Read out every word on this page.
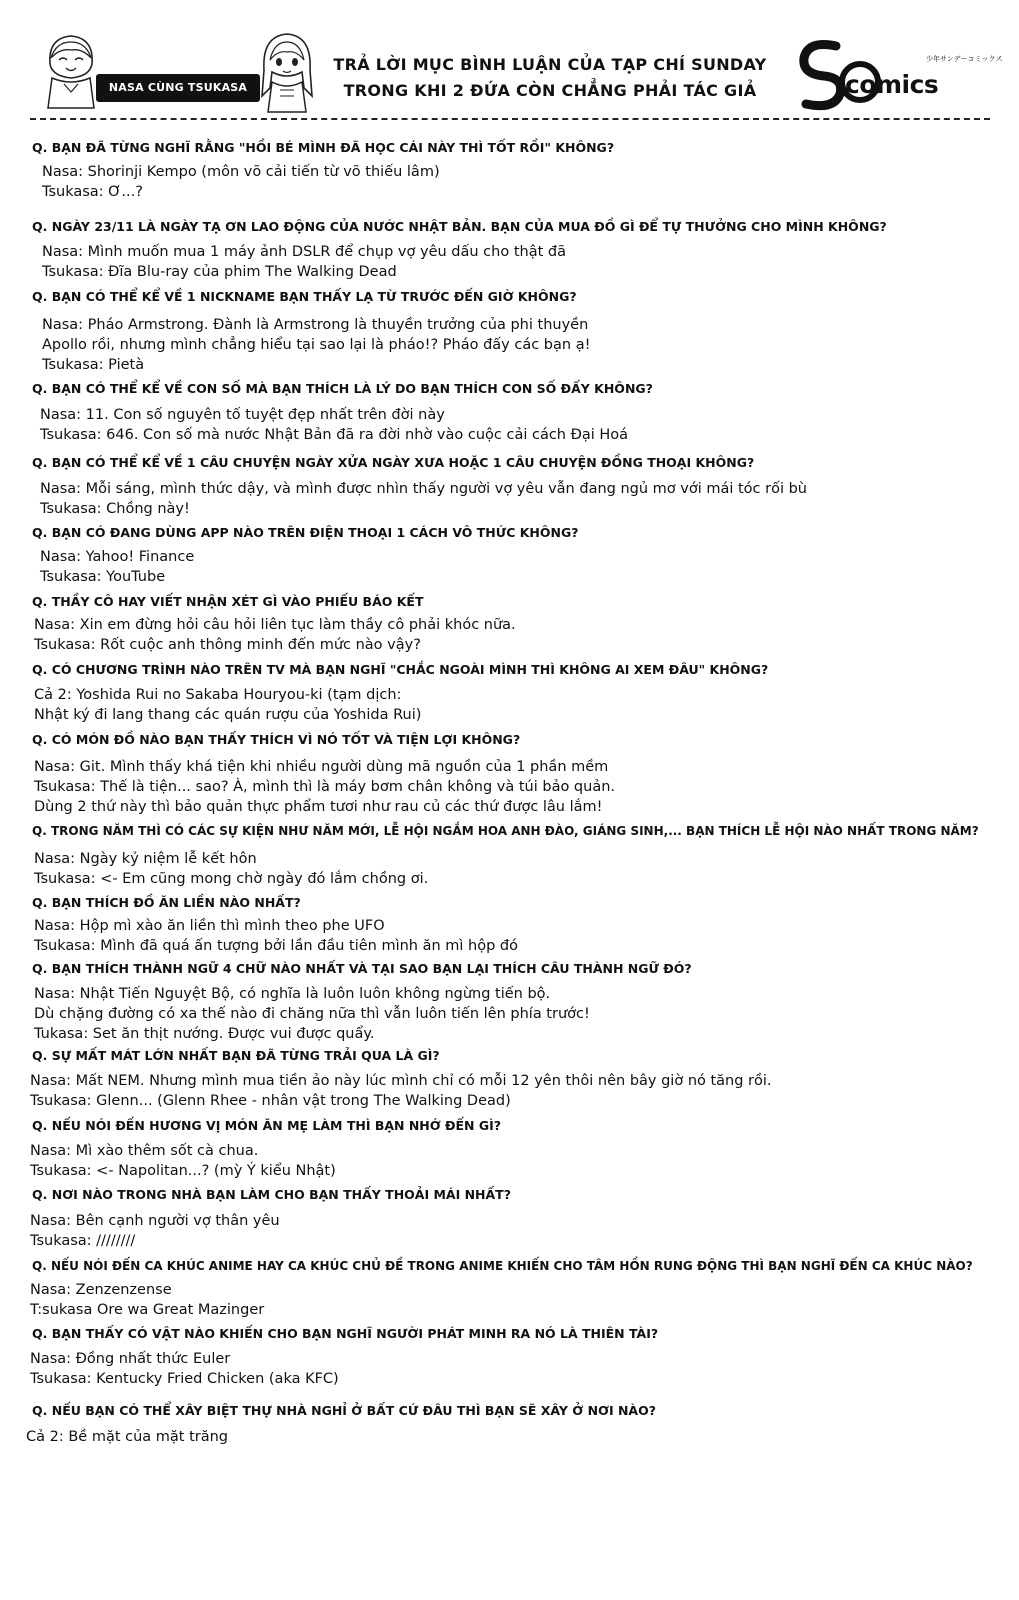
NASA CÙNG TSUKASA
TRẢ LỜI MỤC BÌNH LUẬN CỦA TẠP CHÍ SUNDAY
TRONG KHI 2 ĐỨA CÒN CHẲNG PHẢI TÁC GIẢ	comics
少年サンデーコミックス
Q. BẠN ĐÃ TỪNG NGHĨ RẰNG "HỒI BÉ MÌNH ĐÃ HỌC CÁI NÀY THÌ TỐT RỒI" KHÔNG?
Nasa: Shorinji Kempo (môn võ cải tiến từ võ thiếu lâm)
Tsukasa: Ơ...?
Q. NGÀY 23/11 LÀ NGÀY TẠ ƠN LAO ĐỘNG CỦA NƯỚC NHẬT BẢN. BẠN CỦA MUA ĐỒ GÌ ĐỂ TỰ THƯỞNG CHO MÌNH KHÔNG?
Nasa: Mình muốn mua 1 máy ảnh DSLR để chụp vợ yêu dấu cho thật đã
Tsukasa: Đĩa Blu-ray của phim The Walking Dead
Q. BẠN CÓ THỂ KỂ VỀ 1 NICKNAME BẠN THẤY LẠ TỪ TRƯỚC ĐẾN GIỜ KHÔNG?
Nasa: Pháo Armstrong. Đành là Armstrong là thuyền trưởng của phi thuyền
Apollo rồi, nhưng mình chẳng hiểu tại sao lại là pháo!? Pháo đấy các bạn ạ!
Tsukasa: Pietà
Q. BẠN CÓ THỂ KỂ VỀ CON SỐ MÀ BẠN THÍCH LÀ LÝ DO BẠN THÍCH CON SỐ ĐẤY KHÔNG?
Nasa: 11. Con số nguyên tố tuyệt đẹp nhất trên đời này
Tsukasa: 646. Con số mà nước Nhật Bản đã ra đời nhờ vào cuộc cải cách Đại Hoá
Q. BẠN CÓ THỂ KỂ VỀ 1 CÂU CHUYỆN NGÀY XỬA NGÀY XƯA HOẶC 1 CÂU CHUYỆN ĐỒNG THOẠI KHÔNG?
Nasa: Mỗi sáng, mình thức dậy, và mình được nhìn thấy người vợ yêu vẫn đang ngủ mơ với mái tóc rối bù
Tsukasa: Chồng này!
Q. BẠN CÓ ĐANG DÙNG APP NÀO TRÊN ĐIỆN THOẠI 1 CÁCH VÔ THỨC KHÔNG?
Nasa: Yahoo! Finance
Tsukasa: YouTube
Q. THẦY CÔ HAY VIẾT NHẬN XÉT GÌ VÀO PHIẾU BÁO KẾT
Nasa: Xin em đừng hỏi câu hỏi liên tục làm thầy cô phải khóc nữa.
Tsukasa: Rốt cuộc anh thông minh đến mức nào vậy?
Q. CÓ CHƯƠNG TRÌNH NÀO TRÊN TV MÀ BẠN NGHĨ "CHẮC NGOÀI MÌNH THÌ KHÔNG AI XEM ĐÂU" KHÔNG?
Cả 2: Yoshida Rui no Sakaba Houryou-ki (tạm dịch:
Nhật ký đi lang thang các quán rượu của Yoshida Rui)
Q. CÓ MÓN ĐỒ NÀO BẠN THẤY THÍCH VÌ NÓ TỐT VÀ TIỆN LỢI KHÔNG?
Nasa: Git. Mình thấy khá tiện khi nhiều người dùng mã nguồn của 1 phần mềm
Tsukasa: Thế là tiện... sao? À, mình thì là máy bơm chân không và túi bảo quản.
Dùng 2 thứ này thì bảo quản thực phẩm tươi như rau củ các thứ được lâu lắm!
Q. TRONG NĂM THÌ CÓ CÁC SỰ KIỆN NHƯ NĂM MỚI, LỄ HỘI NGẮM HOA ANH ĐÀO, GIÁNG SINH,... BẠN THÍCH LỄ HỘI NÀO NHẤT TRONG NĂM?
Nasa: Ngày kỷ niệm lễ kết hôn
Tsukasa: <- Em cũng mong chờ ngày đó lắm chồng ơi.
Q. BẠN THÍCH ĐỒ ĂN LIỀN NÀO NHẤT?
Nasa: Hộp mì xào ăn liền thì mình theo phe UFO
Tsukasa: Mình đã quá ấn tượng bởi lần đầu tiên mình ăn mì hộp đó
Q. BẠN THÍCH THÀNH NGỮ 4 CHỮ NÀO NHẤT VÀ TẠI SAO BẠN LẠI THÍCH CÂU THÀNH NGỮ ĐÓ?
Nasa: Nhật Tiến Nguyệt Bộ, có nghĩa là luôn luôn không ngừng tiến bộ.
Dù chặng đường có xa thế nào đi chăng nữa thì vẫn luôn tiến lên phía trước!
Tukasa: Set ăn thịt nướng. Được vui được quẩy.
Q. SỰ MẤT MÁT LỚN NHẤT BẠN ĐÃ TỪNG TRẢI QUA LÀ GÌ?
Nasa: Mất NEM. Nhưng mình mua tiền ảo này lúc mình chỉ có mỗi 12 yên thôi nên bây giờ nó tăng rồi.
Tsukasa: Glenn... (Glenn Rhee - nhân vật trong The Walking Dead)
Q. NẾU NÓI ĐẾN HƯƠNG VỊ MÓN ĂN MẸ LÀM THÌ BẠN NHỚ ĐẾN GÌ?
Nasa: Mì xào thêm sốt cà chua.
Tsukasa: <- Napolitan...? (mỳ Ý kiểu Nhật)
Q. NƠI NÀO TRONG NHÀ BẠN LÀM CHO BẠN THẤY THOẢI MÁI NHẤT?
Nasa: Bên cạnh người vợ thân yêu
Tsukasa: ////////
Q. NẾU NÓI ĐẾN CA KHÚC ANIME HAY CA KHÚC CHỦ ĐỀ TRONG ANIME KHIẾN CHO TÂM HỒN RUNG ĐỘNG THÌ BẠN NGHĨ ĐẾN CA KHÚC NÀO?
Nasa: Zenzenzense
T:sukasa Ore wa Great Mazinger
Q. BẠN THẤY CÓ VẬT NÀO KHIẾN CHO BẠN NGHĨ NGƯỜI PHÁT MINH RA NÓ LÀ THIÊN TÀI?
Nasa: Đồng nhất thức Euler
Tsukasa: Kentucky Fried Chicken (aka KFC)
Q. NẾU BẠN CÓ THỂ XÂY BIỆT THỰ NHÀ NGHỈ Ở BẤT CỨ ĐÂU THÌ BẠN SẼ XÂY Ở NƠI NÀO?
Cả 2: Bề mặt của mặt trăng
